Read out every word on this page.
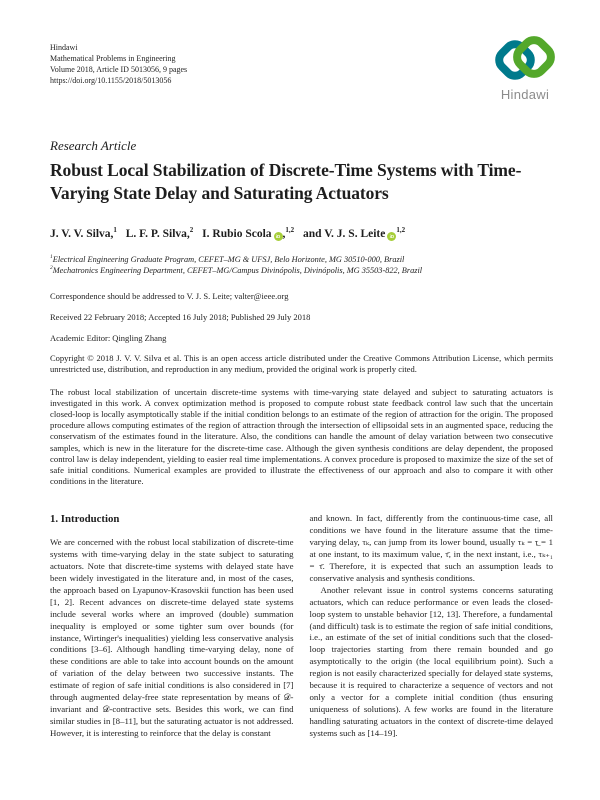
Hindawi
Mathematical Problems in Engineering
Volume 2018, Article ID 5013056, 9 pages
https://doi.org/10.1155/2018/5013056
Hindawi
Research Article
Robust Local Stabilization of Discrete-Time Systems with Time-Varying State Delay and Saturating Actuators
J. V. V. Silva,$^1$ L. F. P. Silva,$^2$ I. Rubio Scola iD ,$^{1,2}$ and V. J. S. Leite iD$^{1,2}$
$^1$Electrical Engineering Graduate Program, CEFET–MG & UFSJ, Belo Horizonte, MG 30510-000, Brazil
$^2$Mechatronics Engineering Department, CEFET–MG/Campus Divinópolis, Divinópolis, MG 35503-822, Brazil
Correspondence should be addressed to V. J. S. Leite; valter@ieee.org
Received 22 February 2018; Accepted 16 July 2018; Published 29 July 2018
Academic Editor: Qingling Zhang
Copyright © 2018 J. V. V. Silva et al. This is an open access article distributed under the Creative Commons Attribution License, which permits unrestricted use, distribution, and reproduction in any medium, provided the original work is properly cited.
The robust local stabilization of uncertain discrete-time systems with time-varying state delayed and subject to saturating actuators is investigated in this work. A convex optimization method is proposed to compute robust state feedback control law such that the uncertain closed-loop is locally asymptotically stable if the initial condition belongs to an estimate of the region of attraction for the origin. The proposed procedure allows computing estimates of the region of attraction through the intersection of ellipsoidal sets in an augmented space, reducing the conservatism of the estimates found in the literature. Also, the conditions can handle the amount of delay variation between two consecutive samples, which is new in the literature for the discrete-time case. Although the given synthesis conditions are delay dependent, the proposed control law is delay independent, yielding to easier real time implementations. A convex procedure is proposed to maximize the size of the set of safe initial conditions. Numerical examples are provided to illustrate the effectiveness of our approach and also to compare it with other conditions in the literature.
1. Introduction

We are concerned with the robust local stabilization of discrete-time systems with time-varying delay in the state subject to saturating actuators. Note that discrete-time systems with delayed state have been widely investigated in the literature and, in most of the cases, the approach based on Lyapunov-Krasovskii function has been used [1, 2]. Recent advances on discrete-time delayed state systems include several works where an improved (double) summation inequality is employed or some tighter sum over bounds (for instance, Wirtinger's inequalities) yielding less conservative analysis conditions [3–6]. Although handling time-varying delay, none of these conditions are able to take into account bounds on the amount of variation of the delay between two successive instants. The estimate of region of safe initial conditions is also considered in [7] through augmented delay-free state representation by means of 𝒟-invariant and 𝒟-contractive sets. Besides this work, we can find similar studies in [8–11], but the saturating actuator is not addressed. However, it is interesting to reinforce that the delay is constant

and known. In fact, differently from the continuous-time case, all conditions we have found in the literature assume that the time-varying delay, τₖ, can jump from its lower bound, usually τₖ = τ̲ = 1 at one instant, to its maximum value, τ̄, in the next instant, i.e., τₖ₊₁ = τ̄. Therefore, it is expected that such an assumption leads to conservative analysis and synthesis conditions.

Another relevant issue in control systems concerns saturating actuators, which can reduce performance or even leads the closed-loop system to unstable behavior [12, 13]. Therefore, a fundamental (and difficult) task is to estimate the region of safe initial conditions, i.e., an estimate of the set of initial conditions such that the closed-loop trajectories starting from there remain bounded and go asymptotically to the origin (the local equilibrium point). Such a region is not easily characterized specially for delayed state systems, because it is required to characterize a sequence of vectors and not only a vector for a complete initial condition (thus ensuring uniqueness of solutions). A few works are found in the literature handling saturating actuators in the context of discrete-time delayed systems such as [14–19].
